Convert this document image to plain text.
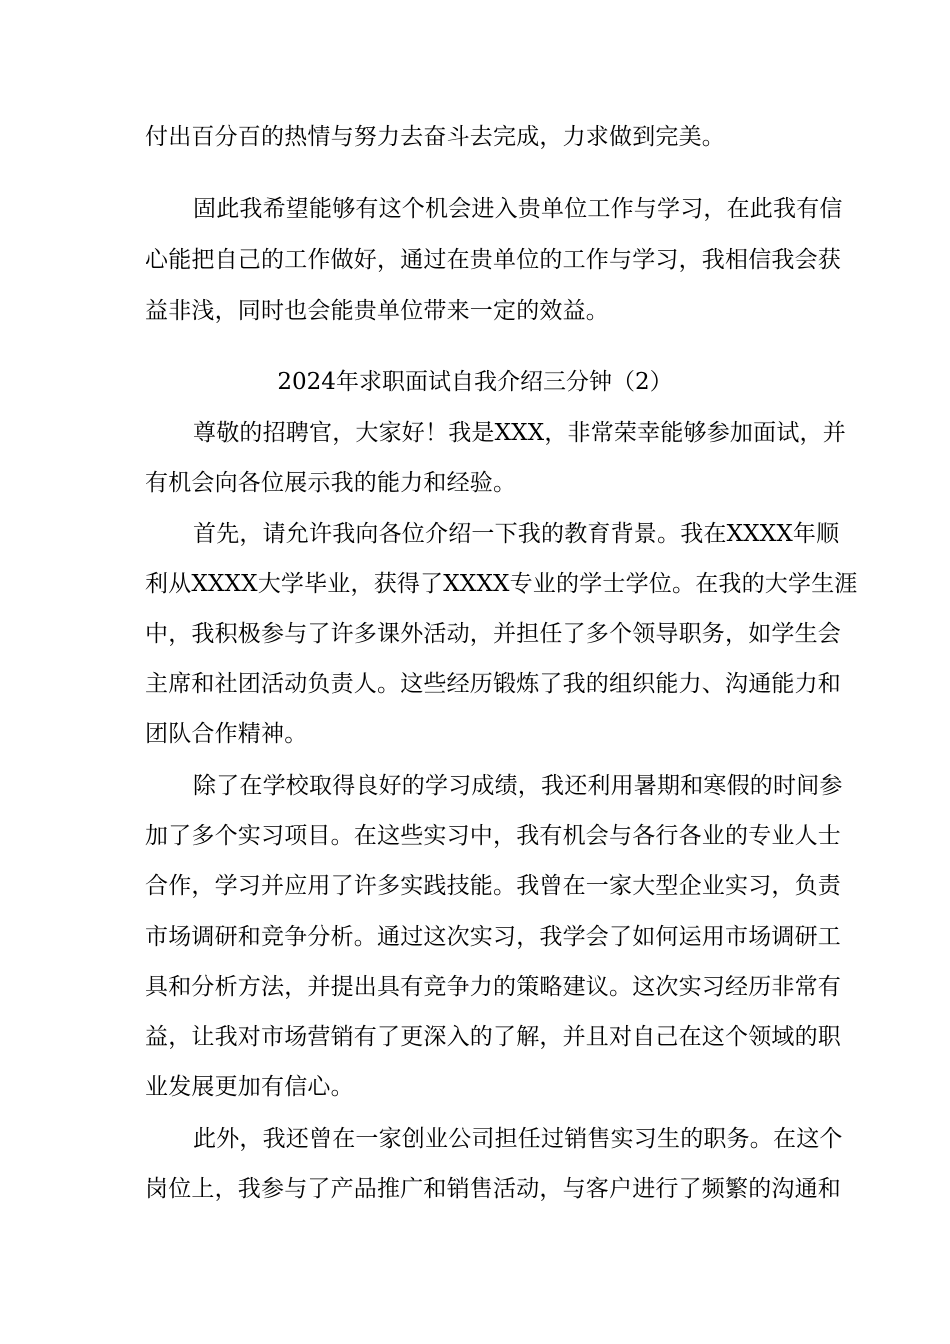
付出百分百的热情与努力去奋斗去完成，力求做到完美。
固此我希望能够有这个机会进入贵单位工作与学习，在此我有信
心能把自己的工作做好，通过在贵单位的工作与学习，我相信我会获
益非浅，同时也会能贵单位带来一定的效益。
2024年求职面试自我介绍三分钟（2）
尊敬的招聘官，大家好！我是XXX，非常荣幸能够参加面试，并
有机会向各位展示我的能力和经验。
首先，请允许我向各位介绍一下我的教育背景。我在XXXX年顺
利从XXXX大学毕业，获得了XXXX专业的学士学位。在我的大学生涯
中，我积极参与了许多课外活动，并担任了多个领导职务，如学生会
主席和社团活动负责人。这些经历锻炼了我的组织能力、沟通能力和
团队合作精神。
除了在学校取得良好的学习成绩，我还利用暑期和寒假的时间参
加了多个实习项目。在这些实习中，我有机会与各行各业的专业人士
合作，学习并应用了许多实践技能。我曾在一家大型企业实习，负责
市场调研和竞争分析。通过这次实习，我学会了如何运用市场调研工
具和分析方法，并提出具有竞争力的策略建议。这次实习经历非常有
益，让我对市场营销有了更深入的了解，并且对自己在这个领域的职
业发展更加有信心。
此外，我还曾在一家创业公司担任过销售实习生的职务。在这个
岗位上，我参与了产品推广和销售活动，与客户进行了频繁的沟通和
